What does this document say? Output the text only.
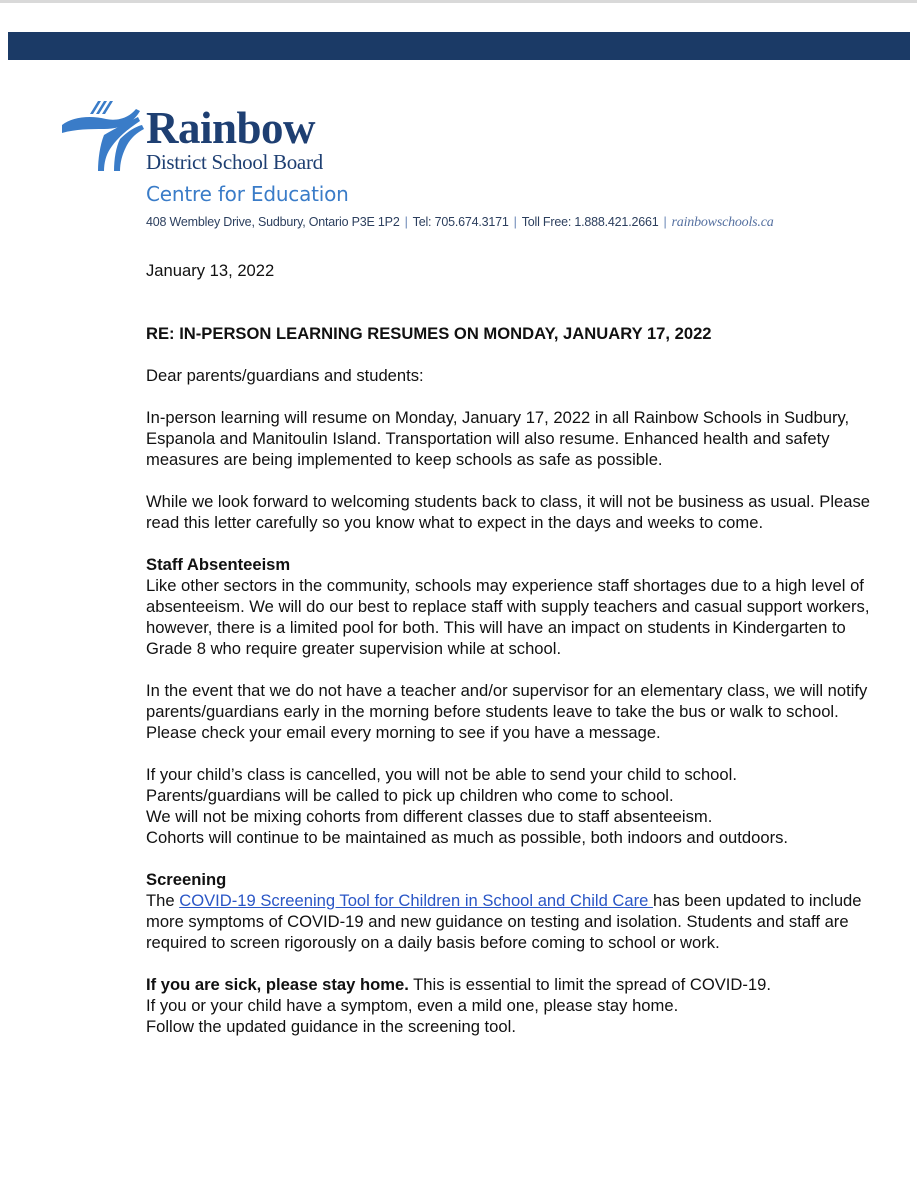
Rainbow
District School Board
Centre for Education
408 Wembley Drive, Sudbury, Ontario P3E 1P2 | Tel: 705.674.3171 | Toll Free: 1.888.421.2661 | rainbowschools.ca

January 13, 2022

RE: IN-PERSON LEARNING RESUMES ON MONDAY, JANUARY 17, 2022

Dear parents/guardians and students:

In-person learning will resume on Monday, January 17, 2022 in all Rainbow Schools in Sudbury, Espanola and Manitoulin Island. Transportation will also resume. Enhanced health and safety measures are being implemented to keep schools as safe as possible.

While we look forward to welcoming students back to class, it will not be business as usual. Please read this letter carefully so you know what to expect in the days and weeks to come.

Staff Absenteeism
Like other sectors in the community, schools may experience staff shortages due to a high level of absenteeism. We will do our best to replace staff with supply teachers and casual support workers, however, there is a limited pool for both. This will have an impact on students in Kindergarten to Grade 8 who require greater supervision while at school.

In the event that we do not have a teacher and/or supervisor for an elementary class, we will notify parents/guardians early in the morning before students leave to take the bus or walk to school. Please check your email every morning to see if you have a message.

If your child’s class is cancelled, you will not be able to send your child to school.
Parents/guardians will be called to pick up children who come to school.
We will not be mixing cohorts from different classes due to staff absenteeism.
Cohorts will continue to be maintained as much as possible, both indoors and outdoors.

Screening
The COVID-19 Screening Tool for Children in School and Child Care has been updated to include more symptoms of COVID-19 and new guidance on testing and isolation. Students and staff are required to screen rigorously on a daily basis before coming to school or work.

If you are sick, please stay home. This is essential to limit the spread of COVID-19.
If you or your child have a symptom, even a mild one, please stay home.
Follow the updated guidance in the screening tool.
